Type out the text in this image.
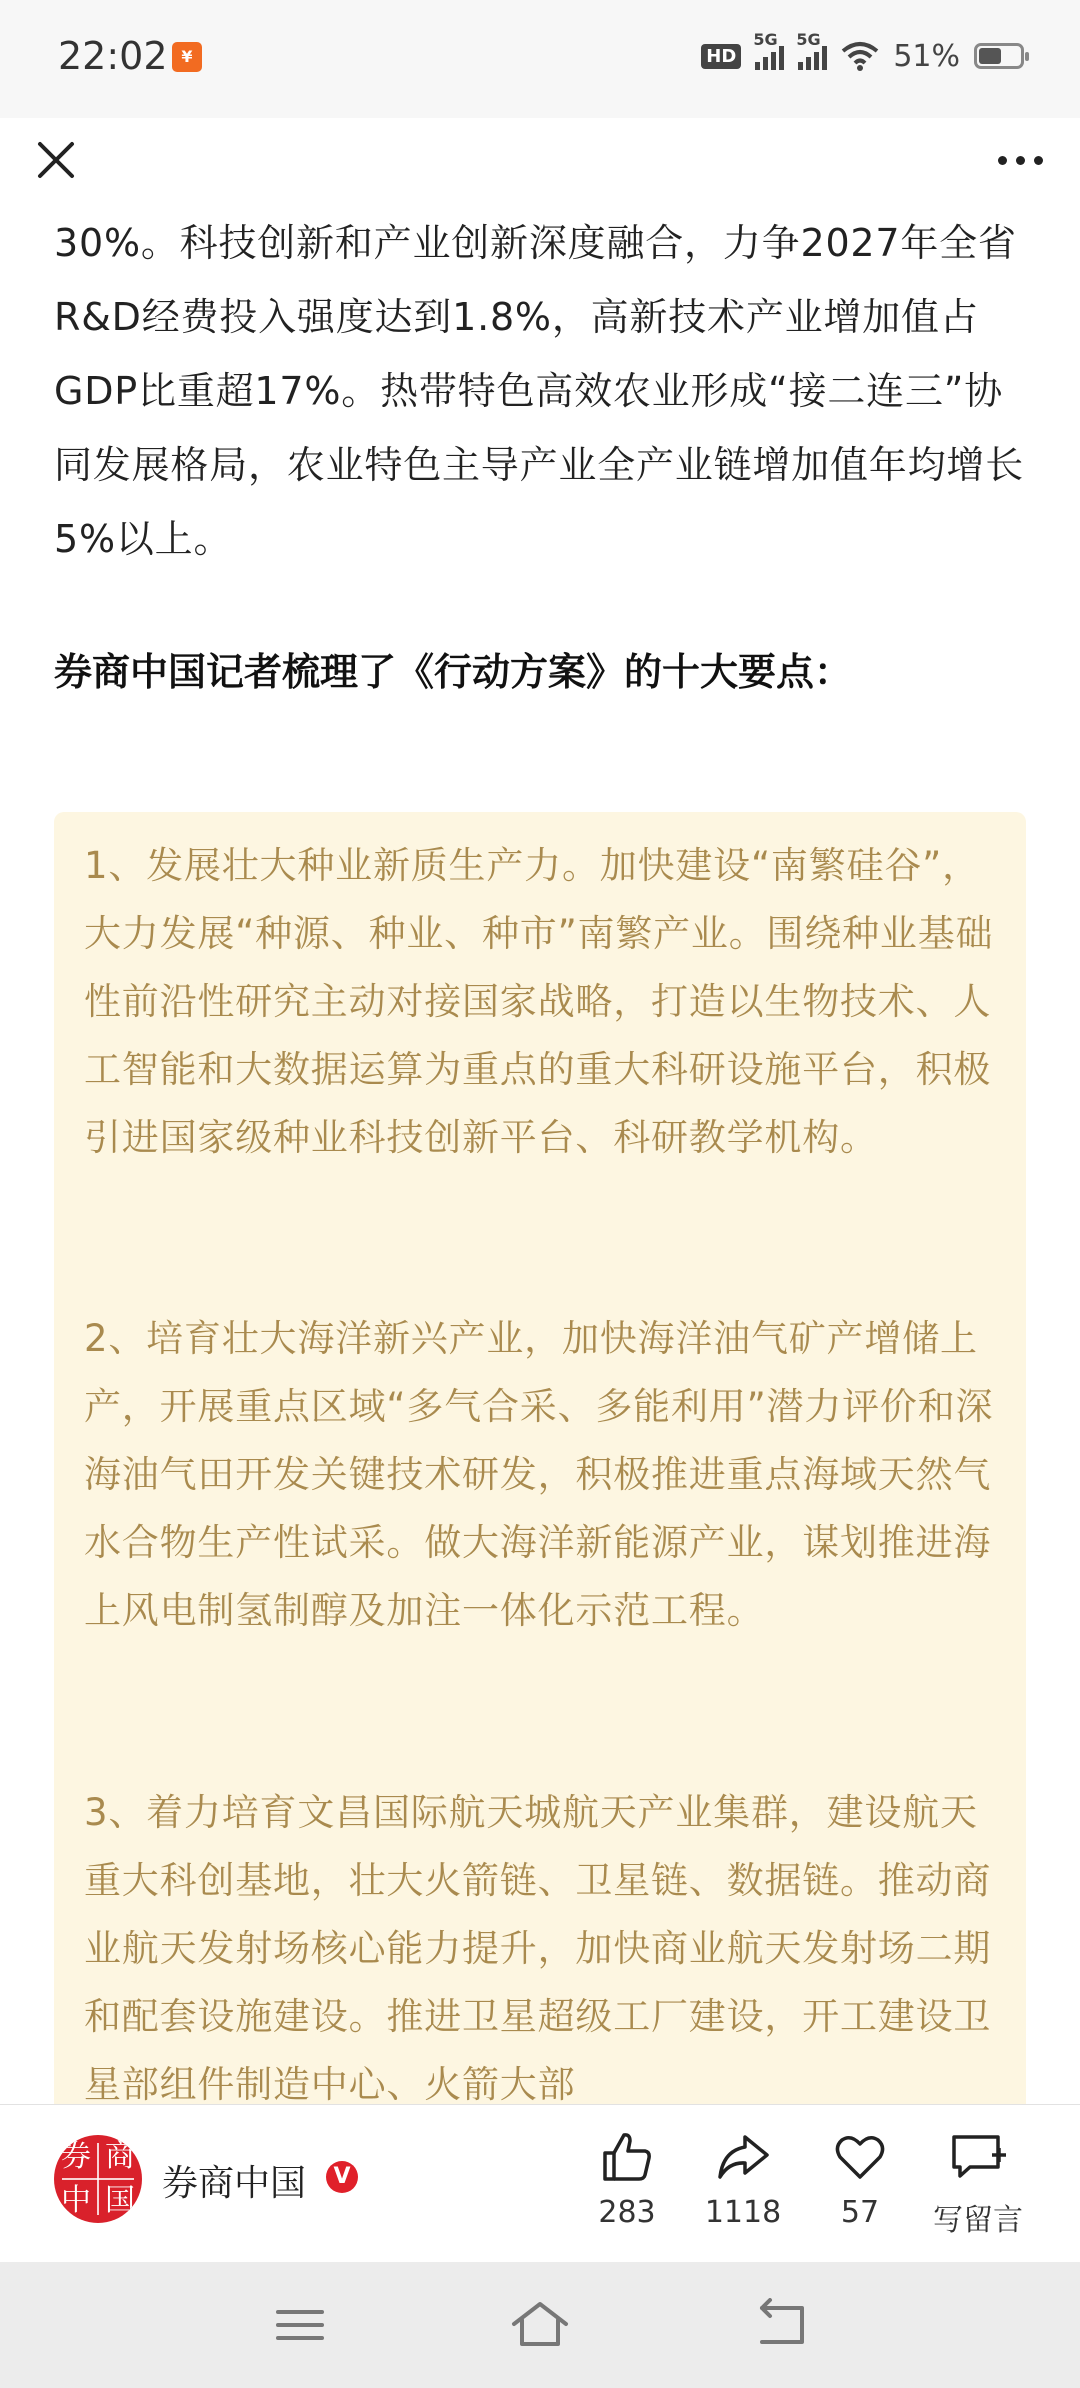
22:02 ¥	HD
5G 5G 51%

30%。科技创新和产业创新深度融合，力争2027年全省R&D经费投入强度达到1.8%，高新技术产业增加值占GDP比重超17%。热带特色高效农业形成“接二连三”协同发展格局，农业特色主导产业全产业链增加值年均增长5%以上。

券商中国记者梳理了《行动方案》的十大要点：

1、发展壮大种业新质生产力。加快建设“南繁硅谷”，大力发展“种源、种业、种市”南繁产业。围绕种业基础性前沿性研究主动对接国家战略，打造以生物技术、人工智能和大数据运算为重点的重大科研设施平台，积极引进国家级种业科技创新平台、科研教学机构。

2、培育壮大海洋新兴产业，加快海洋油气矿产增储上产，开展重点区域“多气合采、多能利用”潜力评价和深海油气田开发关键技术研发，积极推进重点海域天然气水合物生产性试采。做大海洋新能源产业，谋划推进海上风电制氢制醇及加注一体化示范工程。

3、着力培育文昌国际航天城航天产业集群，建设航天重大科创基地，壮大火箭链、卫星链、数据链。推动商业航天发射场核心能力提升，加快商业航天发射场二期和配套设施建设。推进卫星超级工厂建设，开工建设卫星部组件制造中心、火箭大部

券 商
中 国 券商中国	V
283	1118	57	写留言
